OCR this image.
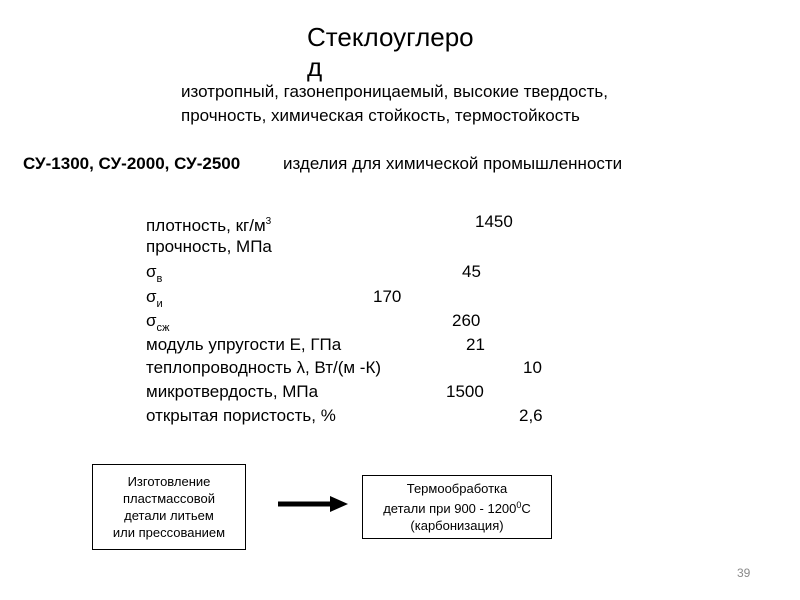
Стеклоуглерод
изотропный, газонепроницаемый, высокие твердость,
прочность, химическая стойкость, термостойкость
СУ-1300, СУ-2000, СУ-2500	изделия для химической промышленности
плотность, $кг/м^3$	1450
прочность, МПа
$\sigma_в$	45
$\sigma_и$	170
$\sigma_{сж}$	260
модуль упругости E, ГПа	21
теплопроводность λ, Вт/(м -К)	10
микротвердость, МПа	1500
открытая пористость, %	2,6
Изготовление
пластмассовой
детали литьем
или прессованием
Термообработка
детали при 900 - 1200$^0$С
(карбонизация)
39
